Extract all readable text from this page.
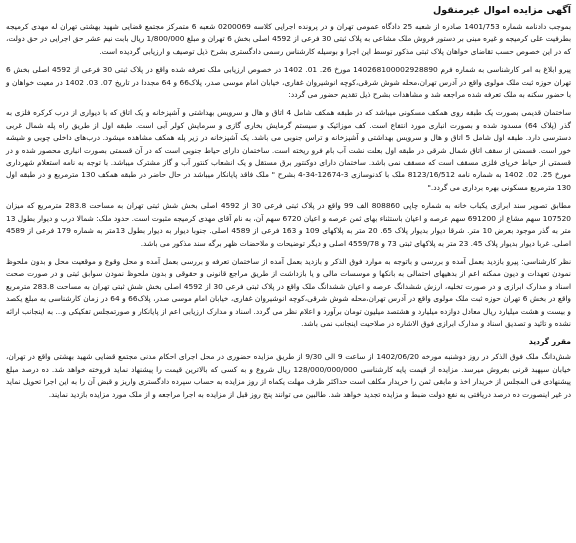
آگهی مزایده اموال غیرمنقول

بموجب دادنامه شماره 1401/753 صادره از شعبه 25 دادگاه عمومی تهران و در پرونده اجرایی کلاسه 0200069 شعبه 6 متمرکز مجتمع قضایی شهید بهشتی تهران له مهدی کرمیجه بطرفیت علی کرمیجه و غیره مبنی بر دستور فروش ملک مشاعی به پلاک ثبتی 30 فرعی از 4592 اصلی بخش 6 تهران و مبلغ 1/800/000 ریال بابت نیم عشر حق اجرایی در حق دولت، که در این خصوص حسب تقاضای خواهان پلاک ثبتی مذکور توسط این اجرا و بوسیله کارشناس رسمی دادگستری بشرح ذیل توصیف و ارزیابی گردیده است.

پیرو ابلاغ به امر کارشناسی به شماره فرم 140268100002928890 مورخ 26. 01. 1402 در خصوص ارزیابی ملک تعرفه شده واقع در پلاک ثبتی 30 فرعی از 4592 اصلی بخش 6 تهران حوزه ثبت ملک مولوی واقع در آدرس تهران،محله شوش شرقی،کوچه انوشیروان غفاری، خیابان امام موسی صدر، پلاک66 و 64 مجددا در تاریخ 07. 03. 1402 در معیت خواهان و با حضور سکنه به ملک تعرفه شده مراجعه شد و مشاهدات بشرح ذیل تقدیم حضور می گردد:

ساختمان قدیمی بصورت یک طبقه روی همکف مسکونی میباشد که در طبقه همکف شامل 4 اتاق و هال و سرویس بهداشتی و آشپزخانه و یک اتاق که با دیواری از درب کرکره فلزی به گذر (پلاک 64) مسدود شده و بصورت انباری مورد انتفاع است. کف موزائیک و سیستم گرمایش بخاری گازی و سرمایش کولر آبی است. طبقه اول از طریق راه پله شمال غربی دسترسی دارد. طبقه اول شامل 5 اتاق و هال و سرویس بهداشتی و آشپزخانه و تراس جنوبی می باشد. یک آشپزخانه در زیر پله همکف مشاهده میشود. درب‌های داخلی چوبی و شیشه خور است. قسمتی از سقف اتاق شمال شرقی در طبقه اول بعلت نشت آب بام فرو ریخته است. ساختمان دارای حیاط جنوبی است که در آن قسمتی بصورت انباری محصور شده و در قسمتی از حیاط خرپای فلزی مسقف است که مسقف نمی باشد. ساختمان دارای دوکنتور برق مستقل و یک انشعاب کنتور آب و گاز مشترک میباشد. با توجه به نامه استعلام شهرداری مورخ 25. 02. 1402 به شماره نامه 8123/16/512 ملک با کدنوسازی 3-12674-34-4 بشرح " ملک فاقد پایانکار میباشد در حال حاضر در طبقه همکف 130 مترمربع و در طبقه اول 130 مترمربع مسکونی بهره برداری می گردد."

مطابق تصویر سند ابرازی یکباب خانه به شماره چاپی 808860 الف 99 واقع در پلاک ثبتی فرعی 30 از 4592 اصلی بخش شش ثبتی تهران به مساحت 283.8 مترمربع که میزان 107520 سهم مشاع از 691200 سهم عرصه و اعیان باستثناء بهای ثمن عرصه و اعیان 6720 سهم آن، به نام آقای مهدی کرمیجه مثبوت است. حدود ملک: شمالا درب و دیوار بطول 13 متر به گذر موجود بعرض 10 متر. شرقا دیوار بدیوار پلاک 65. 20 متر به پلاکهای 109 و 163 فرعی از 4589 اصلی. جنوبا دیوار به دیوار بطول 13متر به شماره 179 فرعی از 4589 اصلی. غربا دیوار بدیوار پلاک 45. 23 متر به پلاکهای ثبتی 73 و 4559/78 اصلی و دیگر توضیحات و ملاحضات ظهر برگه سند مذکور می باشد.

نظر کارشناسی: پیرو بازدید بعمل آمده و بررسی و باتوجه به موارد فوق الذکر و بازدید بعمل آمده از ساختمان تعرفه و بررسی بعمل آمده و محل وقوع و موقعیت محل و بدون ملحوظ نمودن تعهدات و دیون ممکنه اعم از بدهیهای احتمالی به بانکها و موسسات مالی و یا بازداشت از طریق مراجع قانونی و حقوقی و بدون ملحوظ نمودن سوابق ثبتی و در صورت صحت اسناد و مدارک ابرازی و در صورت تخلیه، ارزش ششدانگ عرصه و اعیان ششدانگ ملک واقع در پلاک ثبتی فرعی 30 از 4592 اصلی بخش شش ثبتی تهران به مساحت 283.8 مترمربع واقع در بخش 6 تهران حوزه ثبت ملک مولوی واقع در آدرس تهران،محله شوش شرقی،کوچه انوشیروان غفاری، خیابان امام موسی صدر، پلاک66 و 64 در زمان کارشناسی به مبلغ یکصد و بیست و هشت میلیارد ریال معادل دوازده میلیارد و هشتصد میلیون تومان برآورد و اعلام نظر می گردد. اسناد و مدارک ارزیابی اعم از پایانکار و صورتمجلس تفکیکی و... به اینجانب ارائه نشده و تائید و تصدیق اسناد و مدارک ابرازی فوق الاشاره در صلاحیت اینجانب نمی باشد.

مقرر گردید

شش‌دانگ ملک فوق الذکر در روز دوشنبه مورخه 1402/06/20 از ساعت 9 الی 9/30 از طریق مزایده حضوری در محل اجرای احکام مدنی مجتمع قضایی شهید بهشتی واقع در تهران، خیابان سپهبد قرنی بفروش میرسد. مزایده از قیمت پایه کارشناسی 128/000/000/000 ریال شروع و به کسی که بالاترین قیمت را پیشنهاد نماید فروخته خواهد شد. ده درصد مبلغ پیشنهادی فی المجلس از خریدار اخذ و مابقی ثمن را خریدار مکلف است حداکثر ظرف مهلت یکماه از روز مزایده به حساب سپرده دادگستری واریز و قبض آن را به این اجرا تحویل نماید در غیر اینصورت ده درصد دریافتی به نفع دولت ضبط و مزایده تجدید خواهد شد. طالبین می توانند پنج روز قبل از مزایده به اجرا مراجعه و از ملک مورد مزایده بازدید نمایند.
